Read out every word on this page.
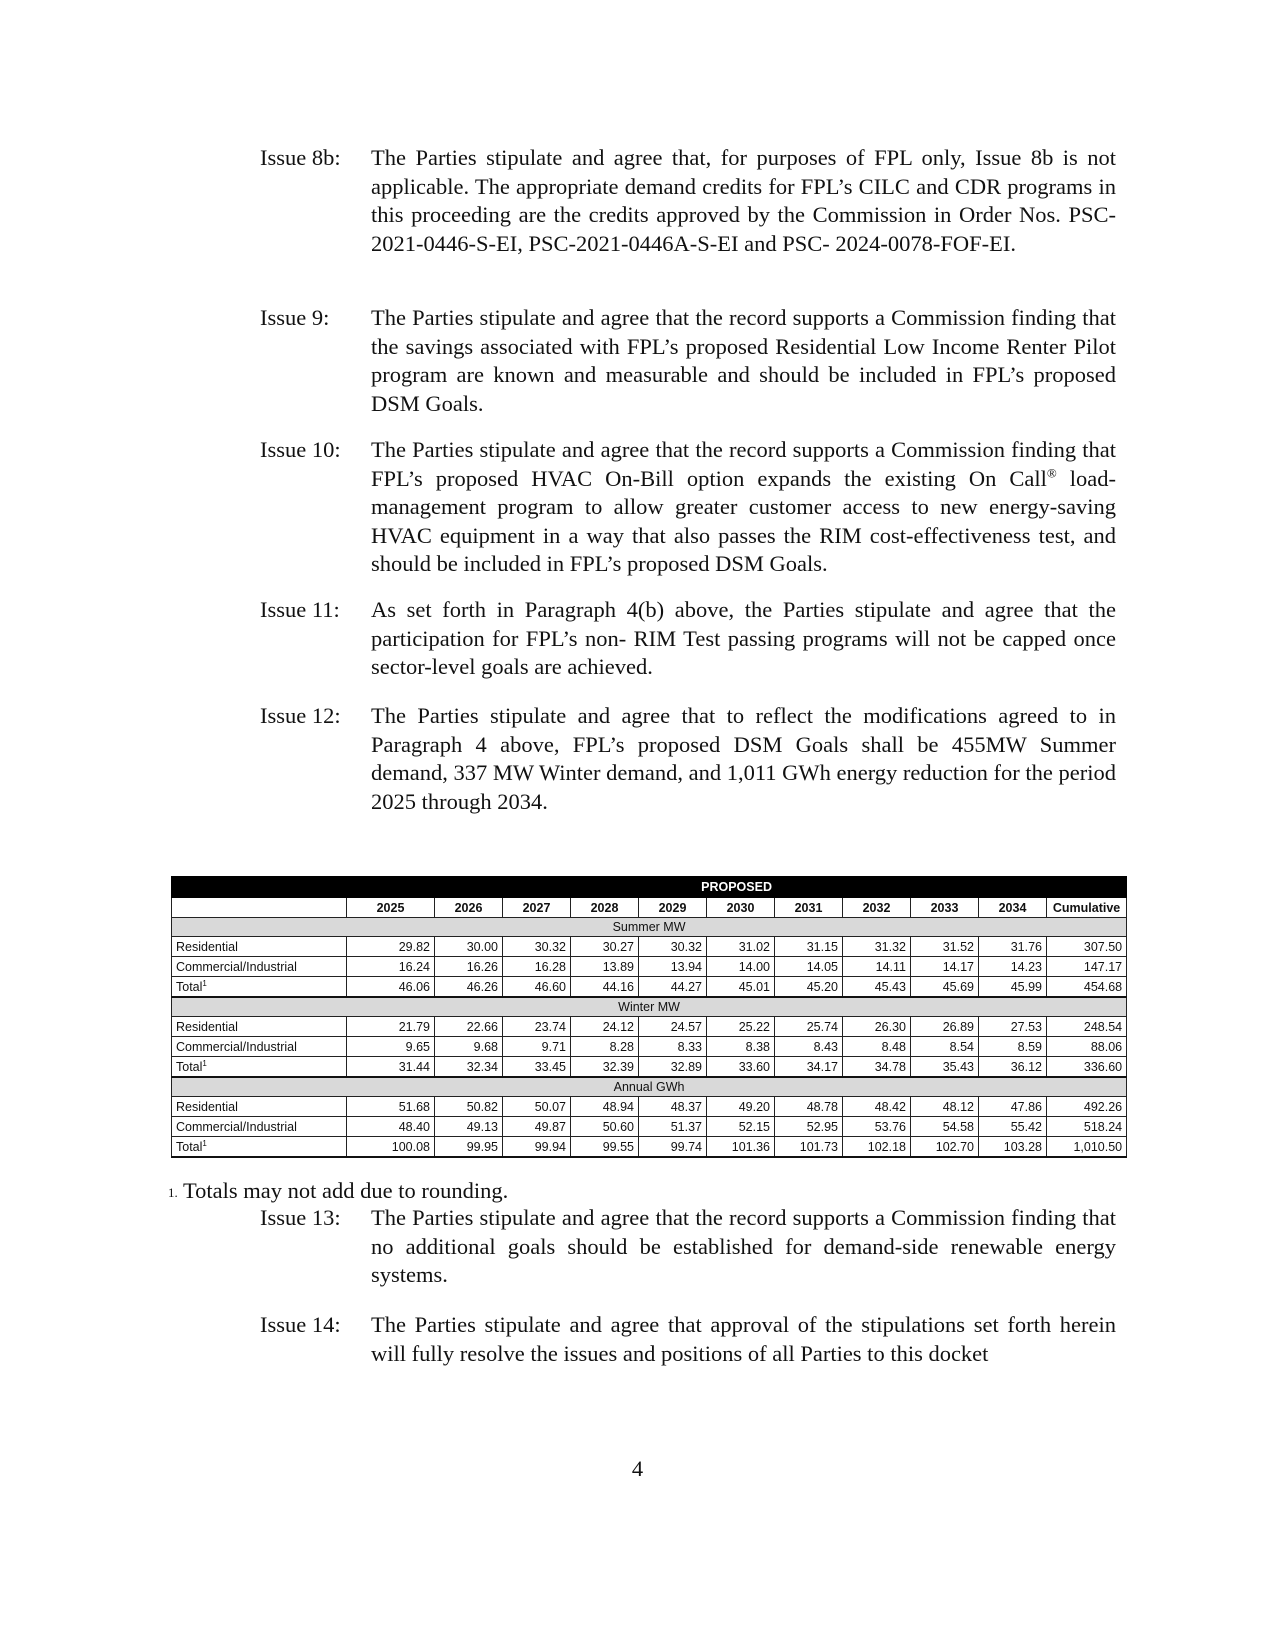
Issue 8b:	The Parties stipulate and agree that, for purposes of FPL only, Issue 8b is not applicable. The appropriate demand credits for FPL’s CILC and CDR programs in this proceeding are the credits approved by the Commission in Order Nos. PSC-2021-0446-S-EI, PSC-2021-0446A-S-EI and PSC- 2024-0078-FOF-EI.
Issue 9:	The Parties stipulate and agree that the record supports a Commission finding that the savings associated with FPL’s proposed Residential Low Income Renter Pilot program are known and measurable and should be included in FPL’s proposed DSM Goals.
Issue 10:	The Parties stipulate and agree that the record supports a Commission finding that FPL’s proposed HVAC On-Bill option expands the existing On Call® load-management program to allow greater customer access to new energy-saving HVAC equipment in a way that also passes the RIM cost-effectiveness test, and should be included in FPL’s proposed DSM Goals.
Issue 11:	As set forth in Paragraph 4(b) above, the Parties stipulate and agree that the participation for FPL’s non- RIM Test passing programs will not be capped once sector-level goals are achieved.
Issue 12:	The Parties stipulate and agree that to reflect the modifications agreed to in Paragraph 4 above, FPL’s proposed DSM Goals shall be 455MW Summer demand, 337 MW Winter demand, and 1,011 GWh energy reduction for the period 2025 through 2034.
	PROPOSED										
	2025	2026	2027	2028	2029	2030	2031	2032	2033	2034	Cumulative
Summer MW											
Residential	29.82	30.00	30.32	30.27	30.32	31.02	31.15	31.32	31.52	31.76	307.50
Commercial/Industrial	16.24	16.26	16.28	13.89	13.94	14.00	14.05	14.11	14.17	14.23	147.17
Total$^1$	46.06	46.26	46.60	44.16	44.27	45.01	45.20	45.43	45.69	45.99	454.68
Winter MW											
Residential	21.79	22.66	23.74	24.12	24.57	25.22	25.74	26.30	26.89	27.53	248.54
Commercial/Industrial	9.65	9.68	9.71	8.28	8.33	8.38	8.43	8.48	8.54	8.59	88.06
Total$^1$	31.44	32.34	33.45	32.39	32.89	33.60	34.17	34.78	35.43	36.12	336.60
Annual GWh											
Residential	51.68	50.82	50.07	48.94	48.37	49.20	48.78	48.42	48.12	47.86	492.26
Commercial/Industrial	48.40	49.13	49.87	50.60	51.37	52.15	52.95	53.76	54.58	55.42	518.24
Total$^1$	100.08	99.95	99.94	99.55	99.74	101.36	101.73	102.18	102.70	103.28	1,010.50
$^{1.}$ Totals may not add due to rounding.
Issue 13:	The Parties stipulate and agree that the record supports a Commission finding that no additional goals should be established for demand-side renewable energy systems.
Issue 14:	The Parties stipulate and agree that approval of the stipulations set forth herein will fully resolve the issues and positions of all Parties to this docket
4
